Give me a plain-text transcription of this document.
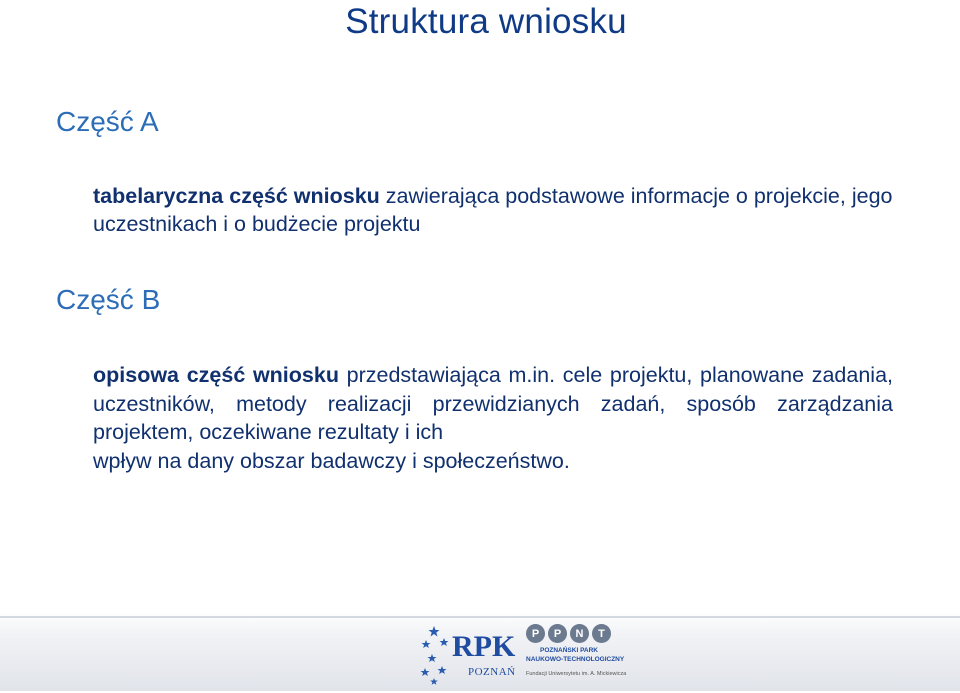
Struktura wniosku
Część A
tabelaryczna część wniosku zawierająca podstawowe informacje o projekcie, jego uczestnikach i o budżecie projektu
Część B
opisowa część wniosku przedstawiająca m.in. cele projektu, planowane zadania, uczestników, metody realizacji przewidzianych zadań, sposób zarządzania projektem, oczekiwane rezultaty i ich
wpływ na dany obszar badawczy i społeczeństwo.
RPK
POZNAŃ
P	P	N	T
POZNAŃSKI PARK
NAUKOWO-TECHNOLOGICZNY
Fundacji Uniwersytetu im. A. Mickiewicza
